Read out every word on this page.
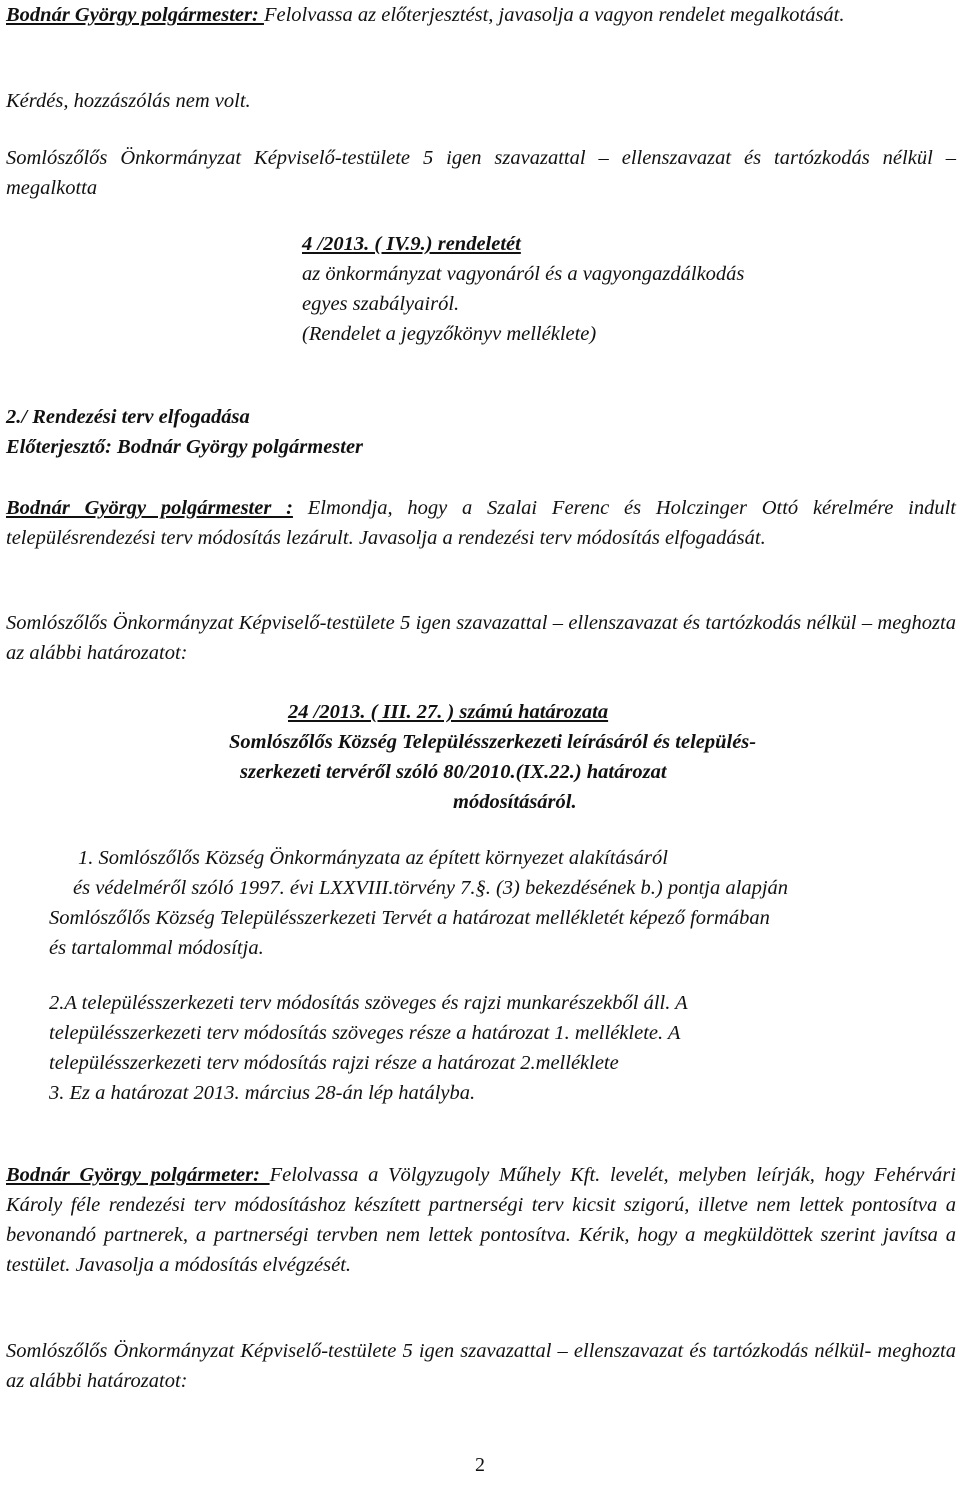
Bodnár György polgármester: Felolvassa az előterjesztést, javasolja a vagyon rendelet megalkotását.

Kérdés, hozzászólás nem volt.

Somlószőlős Önkormányzat Képviselő-testülete 5 igen szavazattal – ellenszavazat és tartózkodás nélkül – megalkotta

4 /2013. ( IV.9.) rendeletét
az önkormányzat vagyonáról és a vagyongazdálkodás
egyes szabályairól.
(Rendelet a jegyzőkönyv melléklete)
2./ Rendezési terv elfogadása
Előterjesztő: Bodnár György polgármester

Bodnár György polgármester : Elmondja, hogy a Szalai Ferenc és Holczinger Ottó kérelmére indult településrendezési terv módosítás lezárult. Javasolja a rendezési terv módosítás elfogadását.

Somlószőlős Önkormányzat Képviselő-testülete 5 igen szavazattal – ellenszavazat és tartózkodás nélkül – meghozta az alábbi határozatot:

24 /2013. ( III. 27. ) számú határozata
Somlószőlős Község Településszerkezeti leírásáról és település-
szerkezeti tervéről szóló 80/2010.(IX.22.) határozat
módosításáról.
1. Somlószőlős Község Önkormányzata az épített környezet alakításáról
és védelméről szóló 1997. évi LXXVIII.törvény 7.§. (3) bekezdésének b.) pontja alapján
Somlószőlős Község Településszerkezeti Tervét a határozat mellékletét képező formában
és tartalommal módosítja.
2.A településszerkezeti terv módosítás szöveges és rajzi munkarészekből áll. A
településszerkezeti terv módosítás szöveges része a határozat 1. melléklete. A
településszerkezeti terv módosítás rajzi része a határozat 2.melléklete
3. Ez a határozat 2013. március 28-án lép hatályba.

Bodnár György polgármeter: Felolvassa a Völgyzugoly Műhely Kft. levelét, melyben leírják, hogy Fehérvári Károly féle rendezési terv módosításhoz készített partnerségi terv kicsit szigorú, illetve nem lettek pontosítva a bevonandó partnerek, a partnerségi tervben nem lettek pontosítva. Kérik, hogy a megküldöttek szerint javítsa a testület. Javasolja a módosítás elvégzését.

Somlószőlős Önkormányzat Képviselő-testülete 5 igen szavazattal – ellenszavazat és tartózkodás nélkül- meghozta az alábbi határozatot:

2
